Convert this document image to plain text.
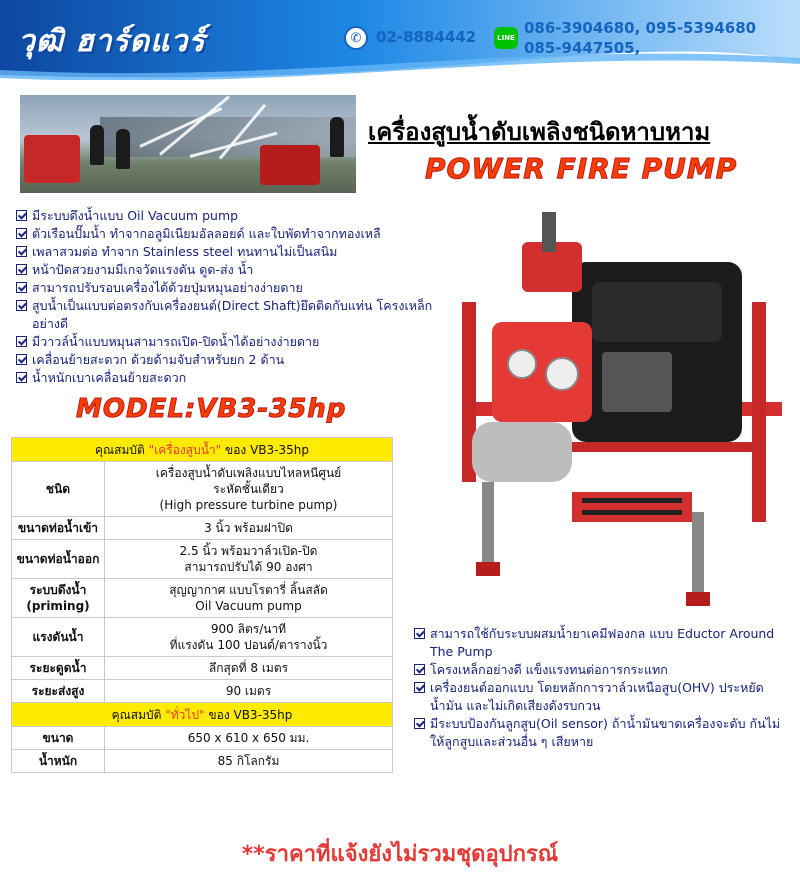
วุฒิ ฮาร์ดแวร์	✆ 02-8884442	LINE
086-3904680, 095-5394680
085-9447505,
เครื่องสูบน้ำดับเพลิงชนิดหาบหาม
POWER FIRE PUMP
มีระบบดึงน้ำแบบ Oil Vacuum pump
ตัวเรือนปั๊มน้ำ ทำจากอลูมิเนียมอัลลอยด์ และใบพัดทำจากทองเหลื
เพลาสวมต่อ ทำจาก Stainless steel ทนทานไม่เป็นสนิม
หน้าปัดสวยงามมีเกจวัดแรงดัน ดูด-ส่ง น้ำ
สามารถปรับรอบเครื่องได้ด้วยปุ่มหมุนอย่างง่ายดาย
สูบน้ำเป็นแบบต่อตรงกับเครื่องยนต์(Direct Shaft)ยึดติดกับแท่น โครงเหล็กอย่างดี
มีวาวล์น้ำแบบหมุนสามารถเปิด-ปิดน้ำได้อย่างง่ายดาย
เคลื่อนย้ายสะดวก ด้วยด้ามจับสำหรับยก 2 ด้าน
น้ำหนักเบาเคลื่อนย้ายสะดวก
MODEL:VB3-35hp
คุณสมบัติ "เครื่องสูบน้ำ" ของ VB3-35hp	
ชนิด	เครื่องสูบน้ำดับเพลิงแบบไหลหนีศูนย์
ระหัดชั้นเดียว
(High pressure turbine pump)
ขนาดท่อน้ำเข้า	3 นิ้ว พร้อมฝาปิด
ขนาดท่อน้ำออก	2.5 นิ้ว พร้อมวาล์วเปิด-ปิด
สามารถปรับได้ 90 องศา
ระบบดึงน้ำ
(priming)	สุญญากาศ แบบโรตารี่ ลิ้นสลัด
Oil Vacuum pump
แรงดันน้ำ	900 ลิตร/นาที
ที่แรงดัน 100 ปอนด์/ตารางนิ้ว
ระยะดูดน้ำ	ลึกสุดที่ 8 เมตร
ระยะส่งสูง	90 เมตร
คุณสมบัติ "ทั่วไป" ของ VB3-35hp	
ขนาด	650 x 610 x 650 มม.
น้ำหนัก	85 กิโลกรัม
สามารถใช้กับระบบผสมน้ำยาเคมีฟองกล แบบ Eductor Around The Pump
โครงเหล็กอย่างดี แข็งแรงทนต่อการกระแทก
เครื่องยนต์ออกแบบ โดยหลักการวาล์วเหนือสูบ(OHV) ประหยัดน้ำมัน และไม่เกิดเสียงดังรบกวน
มีระบบป้องกันลูกสูบ(Oil sensor) ถ้าน้ำมันขาดเครื่องจะดับ กันไม่ให้ลูกสูบและส่วนอื่น ๆ เสียหาย
**ราคาที่แจ้งยังไม่รวมชุดอุปกรณ์
